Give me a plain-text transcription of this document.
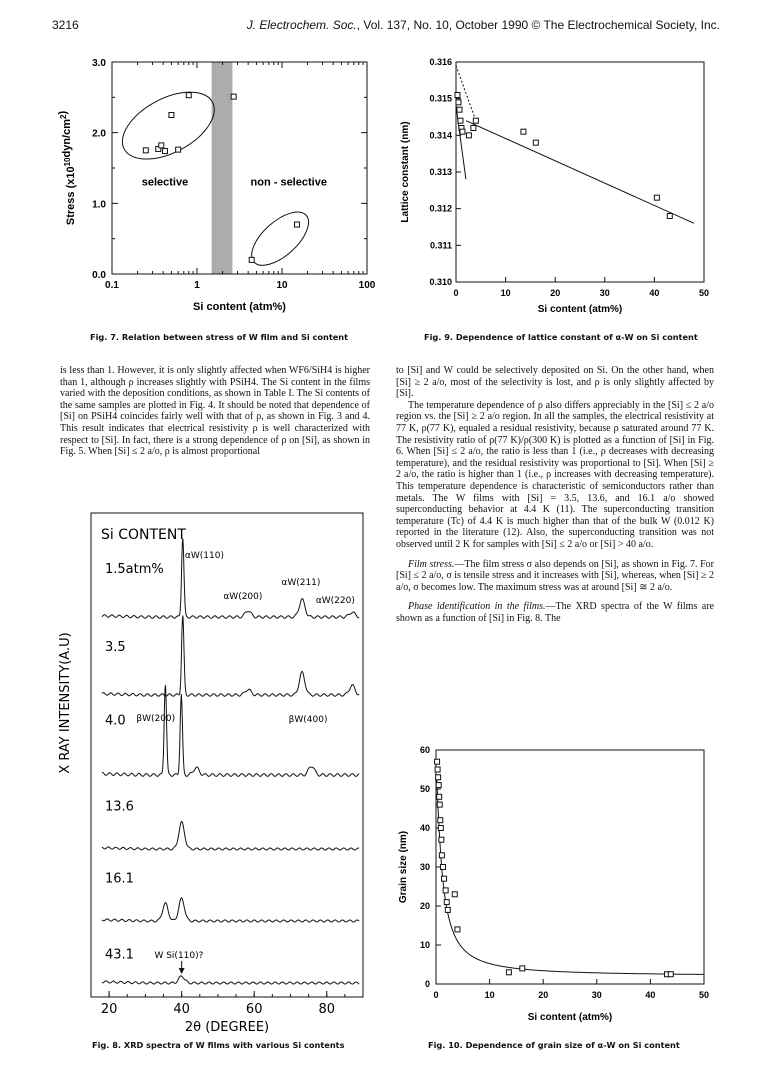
3216	J. Electrochem. Soc., Vol. 137, No. 10, October 1990 © The Electrochemical Society, Inc.
0.1	1	10	100
0.0
1.0
2.0
3.0
selective	non - selective
Si content (atm%)
Stress $(x10^{10}dyn/cm^2)$
Fig. 7. Relation between stress of W film and Si content
0	10	20	30	40	50
0.310
0.311
0.312
0.313
0.314
0.315
0.316
Si content (atm%)
Lattice constant (nm)
Fig. 9. Dependence of lattice constant of α-W on Si content

is less than 1. However, it is only slightly affected when WF6/SiH4 is higher than 1, although ρ increases slightly with PSiH4. The Si content in the films varied with the deposition conditions, as shown in Table I. The Si contents of the same samples are plotted in Fig. 4. It should be noted that dependence of [Si] on PSiH4 coincides fairly well with that of ρ, as shown in Fig. 3 and 4. This result indicates that electrical resistivity ρ is well characterized with respect to [Si]. In fact, there is a strong dependence of ρ on [Si], as shown in Fig. 5. When [Si] ≤ 2 a/o, ρ is almost proportional

to [Si] and W could be selectively deposited on Si. On the other hand, when [Si] ≥ 2 a/o, most of the selectivity is lost, and ρ is only slightly affected by [Si].

The temperature dependence of ρ also differs appreciably in the [Si] ≤ 2 a/o region vs. the [Si] ≥ 2 a/o region. In all the samples, the electrical resistivity at 77 K, ρ(77 K), equaled a residual resistivity, because ρ saturated around 77 K. The resistivity ratio of ρ(77 K)/ρ(300 K) is plotted as a function of [Si] in Fig. 6. When [Si] ≤ 2 a/o, the ratio is less than 1 (i.e., ρ decreases with decreasing temperature), and the residual resistivity was proportional to [Si]. When [Si] ≥ 2 a/o, the ratio is higher than 1 (i.e., ρ increases with decreasing temperature). This temperature dependence is characteristic of semiconductors rather than metals. The W films with [Si] = 3.5, 13.6, and 16.1 a/o showed superconducting behavior at 4.4 K (11). The superconducting transition temperature (Tc) of 4.4 K is much higher than that of the bulk W (0.012 K) reported in the literature (12). Also, the superconducting transition was not observed until 2 K for samples with [Si] ≤ 2 a/o or [Si] > 40 a/o.

Film stress.—The film stress σ also depends on [Si], as shown in Fig. 7. For [Si] ≤ 2 a/o, σ is tensile stress and it increases with [Si], whereas, when [Si] ≥ 2 a/o, σ becomes low. The maximum stress was at around [Si] ≅ 2 a/o.

Phase identification in the films.—The XRD spectra of the W films are shown as a function of [Si] in Fig. 8. The

20	40	60	80
2θ (DEGREE)
X RAY INTENSITY(A.U)
Si CONTENT
1.5atm%
3.5
4.0
13.6
16.1
43.1
αW(110)
αW(211)
αW(200)	αW(220)
βW(200)	βW(400)
W Si(110)?
Fig. 8. XRD spectra of W films with various Si contents
0	10	20	30	40	50
0
10
20
30
40
50
60
Si content (atm%)
Grain size (nm)
Fig. 10. Dependence of grain size of α-W on Si content
